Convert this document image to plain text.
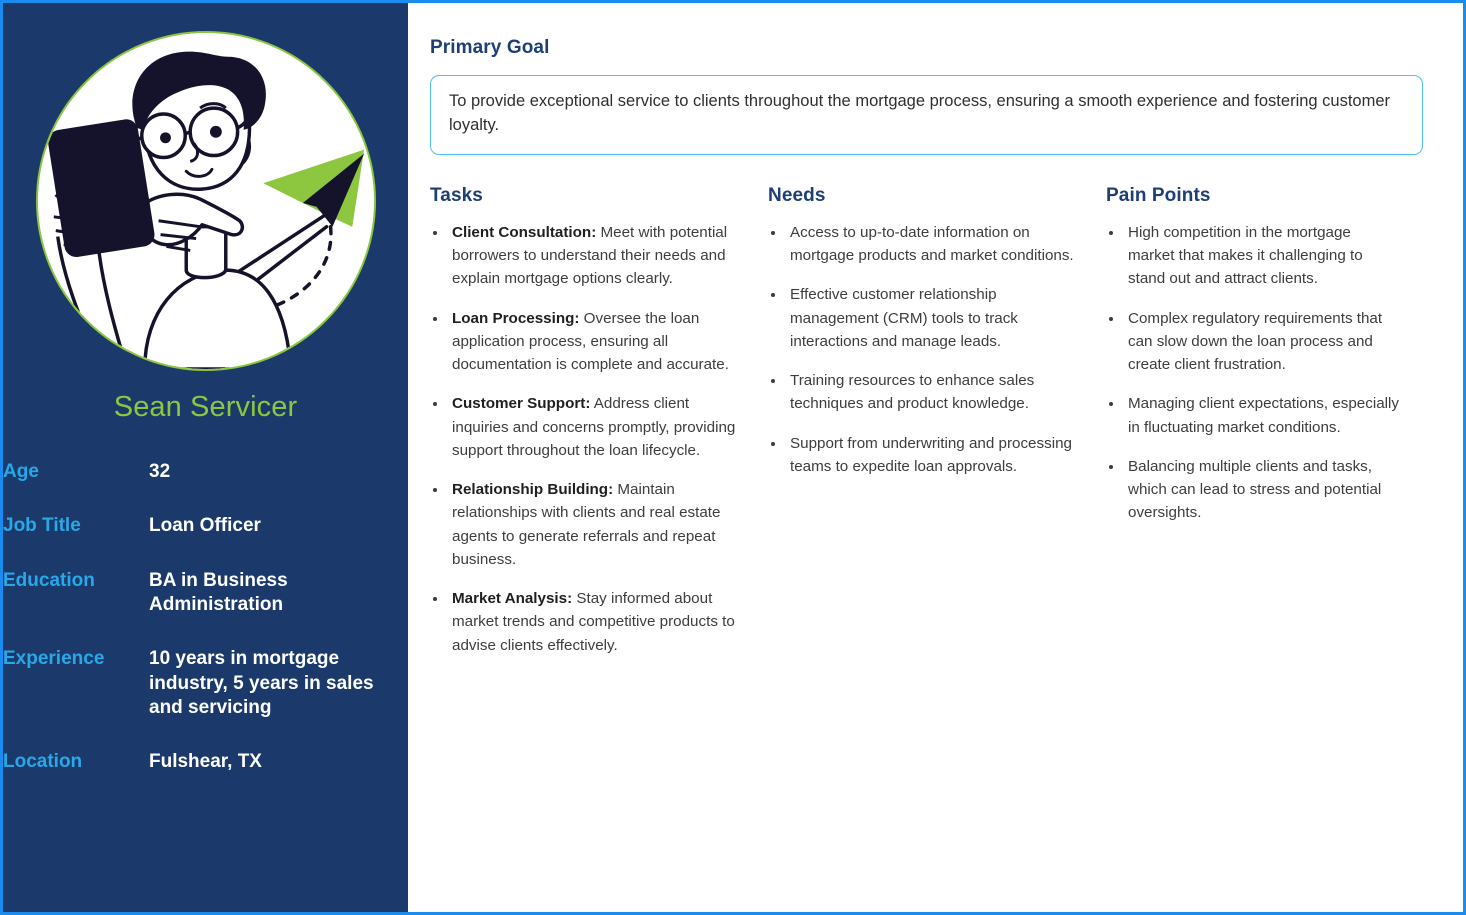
Sean Servicer
Age	32
Job Title	Loan Officer
Education	BA in Business Administration
Experience	10 years in mortgage industry, 5 years in sales and servicing
Location	Fulshear, TX
Primary Goal

To provide exceptional service to clients throughout the mortgage process, ensuring a smooth experience and fostering customer loyalty.

Tasks
• Client Consultation: Meet with potential borrowers to understand their needs and explain mortgage options clearly.
• Loan Processing: Oversee the loan application process, ensuring all documentation is complete and accurate.
• Customer Support: Address client inquiries and concerns promptly, providing support throughout the loan lifecycle.
• Relationship Building: Maintain relationships with clients and real estate agents to generate referrals and repeat business.
• Market Analysis: Stay informed about market trends and competitive products to advise clients effectively.
Needs
• Access to up-to-date information on mortgage products and market conditions.
• Effective customer relationship management (CRM) tools to track interactions and manage leads.
• Training resources to enhance sales techniques and product knowledge.
• Support from underwriting and processing teams to expedite loan approvals.
Pain Points
• High competition in the mortgage market that makes it challenging to stand out and attract clients.
• Complex regulatory requirements that can slow down the loan process and create client frustration.
• Managing client expectations, especially in fluctuating market conditions.
• Balancing multiple clients and tasks, which can lead to stress and potential oversights.
